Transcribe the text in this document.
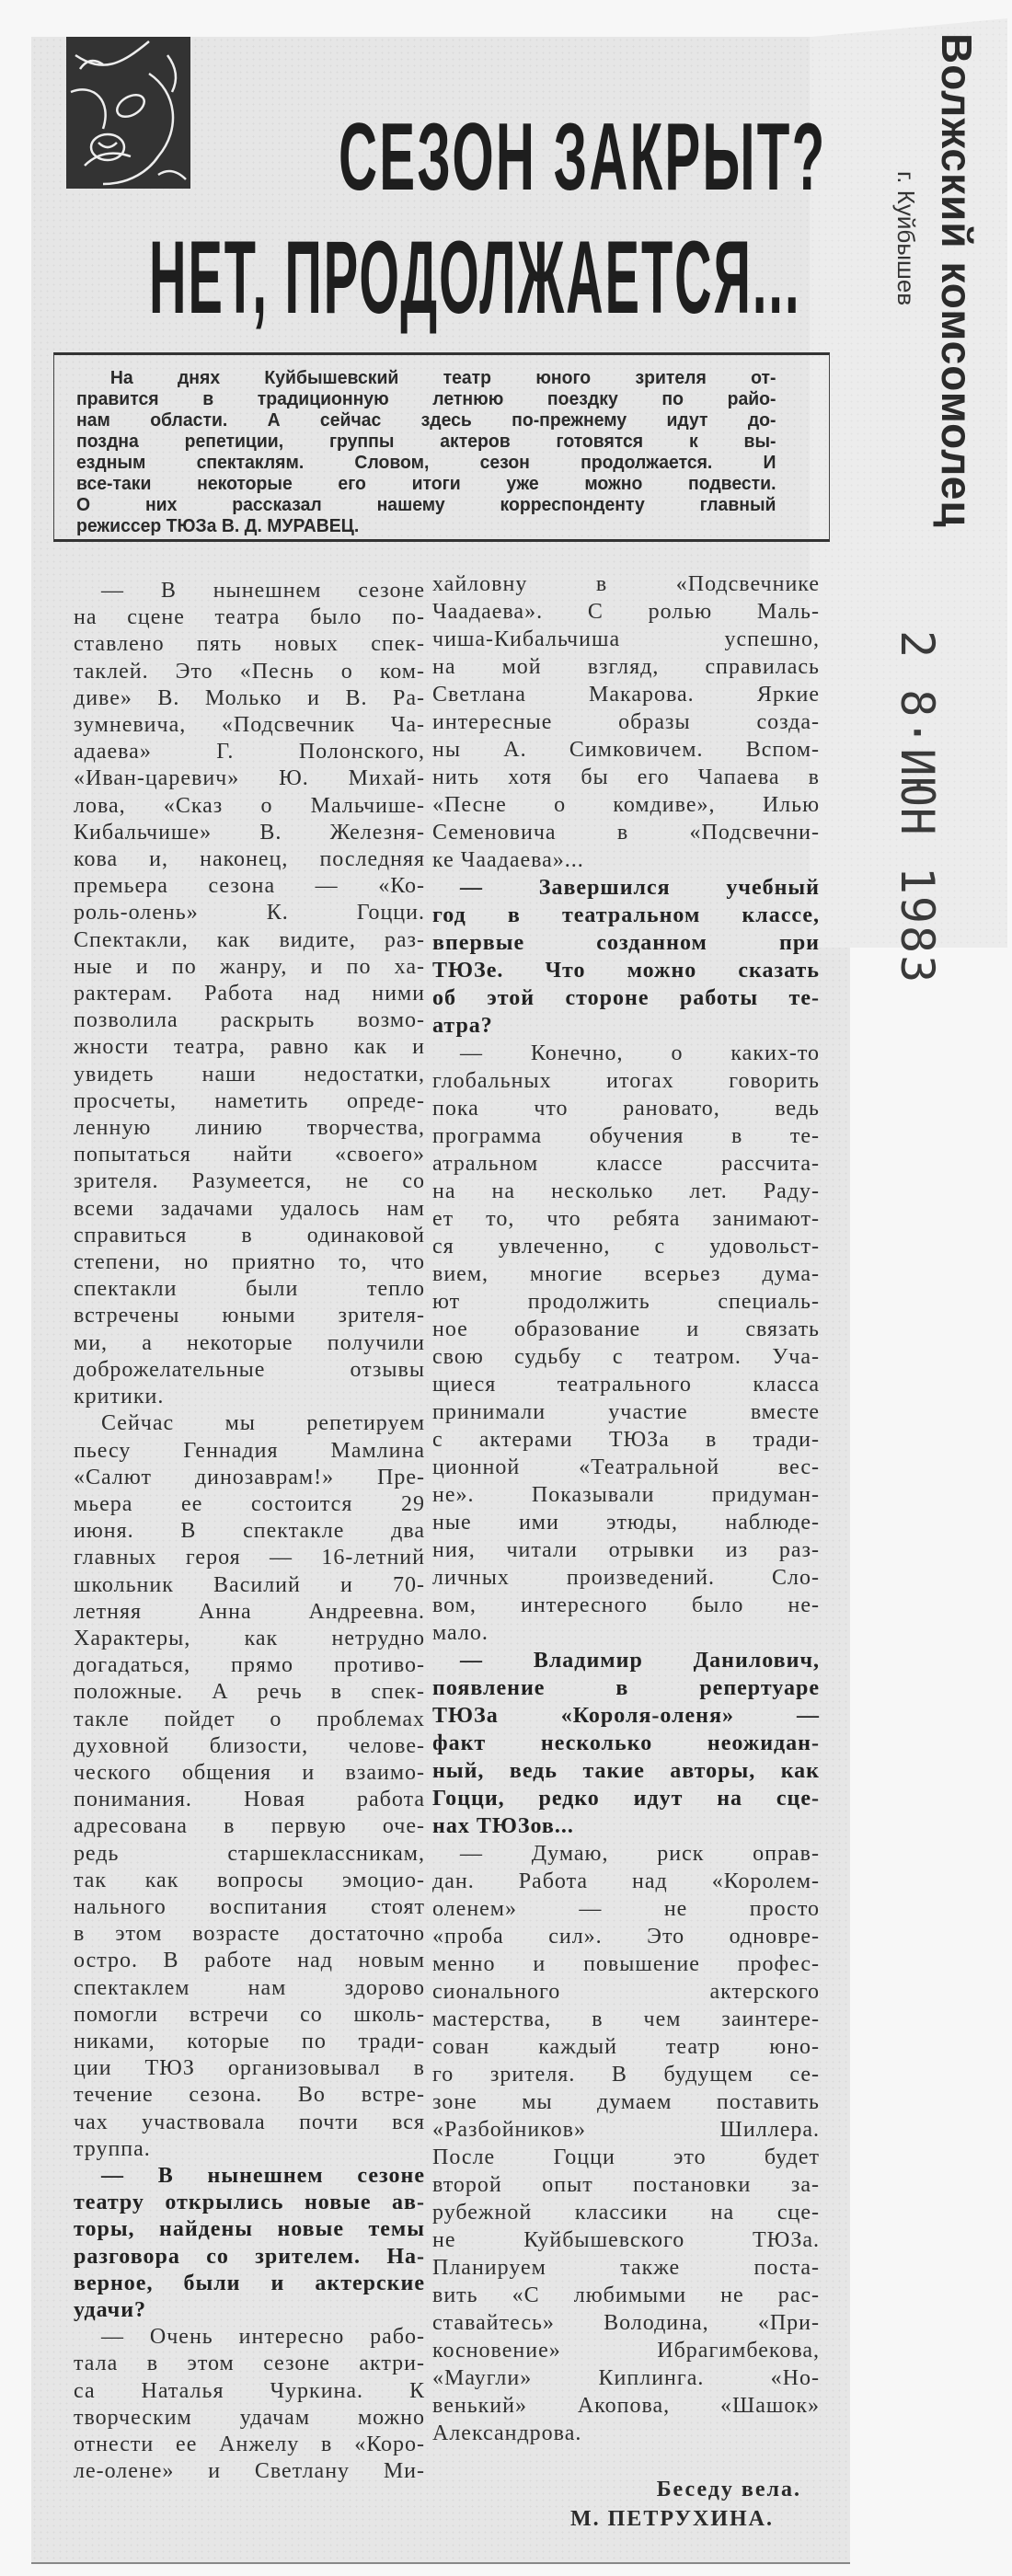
СЕЗОН ЗАКРЫТ?
НЕТ, ПРОДОЛЖАЕТСЯ...	Волжский комсомолец
г. Куйбышев
2 8·ИЮН 1983
На днях Куйбышевский театр юного зрителя от-
правится в традиционную летнюю поездку по райо-
нам области. А сейчас здесь по-прежнему идут до-
поздна репетиции, группы актеров готовятся к вы-
ездным спектаклям. Словом, сезон продолжается. И
все-таки некоторые его итоги уже можно подвести.
О них рассказал нашему корреспонденту главный
режиссер ТЮЗа В. Д. МУРАВЕЦ.
— В нынешнем сезоне
на сцене театра было по-
ставлено пять новых спек-
таклей. Это «Песнь о ком-
диве» В. Молько и В. Ра-
зумневича, «Подсвечник Ча-
адаева» Г. Полонского,
«Иван-царевич» Ю. Михай-
лова, «Сказ о Мальчише-
Кибальчише» В. Железня-
кова и, наконец, последняя
премьера сезона — «Ко-
роль-олень» К. Гоцци.
Спектакли, как видите, раз-
ные и по жанру, и по ха-
рактерам. Работа над ними
позволила раскрыть возмо-
жности театра, равно как и
увидеть наши недостатки,
просчеты, наметить опреде-
ленную линию творчества,
попытаться найти «своего»
зрителя. Разумеется, не со
всеми задачами удалось нам
справиться в одинаковой
степени, но приятно то, что
спектакли были тепло
встречены юными зрителя-
ми, а некоторые получили
доброжелательные отзывы
критики.
Сейчас мы репетируем
пьесу Геннадия Мамлина
«Салют динозаврам!» Пре-
мьера ее состоится 29
июня. В спектакле два
главных героя — 16-летний
школьник Василий и 70-
летняя Анна Андреевна.
Характеры, как нетрудно
догадаться, прямо противо-
положные. А речь в спек-
такле пойдет о проблемах
духовной близости, челове-
ческого общения и взаимо-
понимания. Новая работа
адресована в первую оче-
редь старшеклассникам,
так как вопросы эмоцио-
нального воспитания стоят
в этом возрасте достаточно
остро. В работе над новым
спектаклем нам здорово
помогли встречи со школь-
никами, которые по тради-
ции ТЮЗ организовывал в
течение сезона. Во встре-
чах участвовала почти вся
труппа.
— В нынешнем сезоне
театру открылись новые ав-
торы, найдены новые темы
разговора со зрителем. На-
верное, были и актерские
удачи?
— Очень интересно рабо-
тала в этом сезоне актри-
са Наталья Чуркина. К
творческим удачам можно
отнести ее Анжелу в «Коро-
ле-олене» и Светлану Ми-
хайловну в «Подсвечнике
Чаадаева». С ролью Маль-
чиша-Кибальчиша успешно,
на мой взгляд, справилась
Светлана Макарова. Яркие
интересные образы созда-
ны А. Симковичем. Вспом-
нить хотя бы его Чапаева в
«Песне о комдиве», Илью
Семеновича в «Подсвечни-
ке Чаадаева»...
— Завершился учебный
год в театральном классе,
впервые созданном при
ТЮЗе. Что можно сказать
об этой стороне работы те-
атра?
— Конечно, о каких-то
глобальных итогах говорить
пока что рановато, ведь
программа обучения в те-
атральном классе рассчита-
на на несколько лет. Раду-
ет то, что ребята занимают-
ся увлеченно, с удовольст-
вием, многие всерьез дума-
ют продолжить специаль-
ное образование и связать
свою судьбу с театром. Уча-
щиеся театрального класса
принимали участие вместе
с актерами ТЮЗа в тради-
ционной «Театральной вес-
не». Показывали придуман-
ные ими этюды, наблюде-
ния, читали отрывки из раз-
личных произведений. Сло-
вом, интересного было не-
мало.
— Владимир Данилович,
появление в репертуаре
ТЮЗа «Короля-оленя» —
факт несколько неожидан-
ный, ведь такие авторы, как
Гоцци, редко идут на сце-
нах ТЮЗов...
— Думаю, риск оправ-
дан. Работа над «Королем-
оленем» — не просто
«проба сил». Это одновре-
менно и повышение профес-
сионального актерского
мастерства, в чем заинтере-
сован каждый театр юно-
го зрителя. В будущем се-
зоне мы думаем поставить
«Разбойников» Шиллера.
После Гоцци это будет
второй опыт постановки за-
рубежной классики на сце-
не Куйбышевского ТЮЗа.
Планируем также поста-
вить «С любимыми не рас-
ставайтесь» Володина, «При-
косновение» Ибрагимбекова,
«Маугли» Киплинга. «Но-
венький» Акопова, «Шашок»
Александрова.
Беседу вела.
М. ПЕТРУХИНА.
